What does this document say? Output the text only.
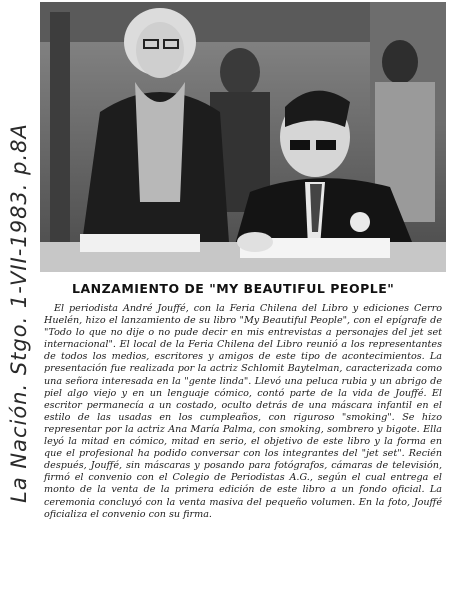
La Nación. Stgo. 1-VII-1983. p.8A	LANZAMIENTO DE "MY BEAUTIFUL PEOPLE"

El periodista André Jouffé, con la Feria Chilena del Libro y ediciones Cerro Huelén, hizo el lanzamiento de su libro "My Beautiful People", con el epígrafe de "Todo lo que no dije o no pude decir en mis entrevistas a personajes del jet set internacional". El local de la Feria Chilena del Libro reunió a los representantes de todos los medios, escritores y amigos de este tipo de acontecimientos. La presentación fue realizada por la actriz Schlomit Baytelman, caracterizada como una señora interesada en la "gente linda". Llevó una peluca rubia y un abrigo de piel algo viejo y en un lenguaje cómico, contó parte de la vida de Jouffé. El escritor permanecía a un costado, oculto detrás de una máscara infantil en el estilo de las usadas en los cumpleaños, con riguroso "smoking". Se hizo representar por la actriz Ana María Palma, con smoking, sombrero y bigote. Ella leyó la mitad en cómico, mitad en serio, el objetivo de este libro y la forma en que el profesional ha podido conversar con los integrantes del "jet set". Recién después, Jouffé, sin máscaras y posando para fotógrafos, cámaras de televisión, firmó el convenio con el Colegio de Periodistas A.G., según el cual entrega el monto de la venta de la primera edición de este libro a un fondo oficial. La ceremonia concluyó con la venta masiva del pequeño volumen. En la foto, Jouffé oficializa el convenio con su firma.
